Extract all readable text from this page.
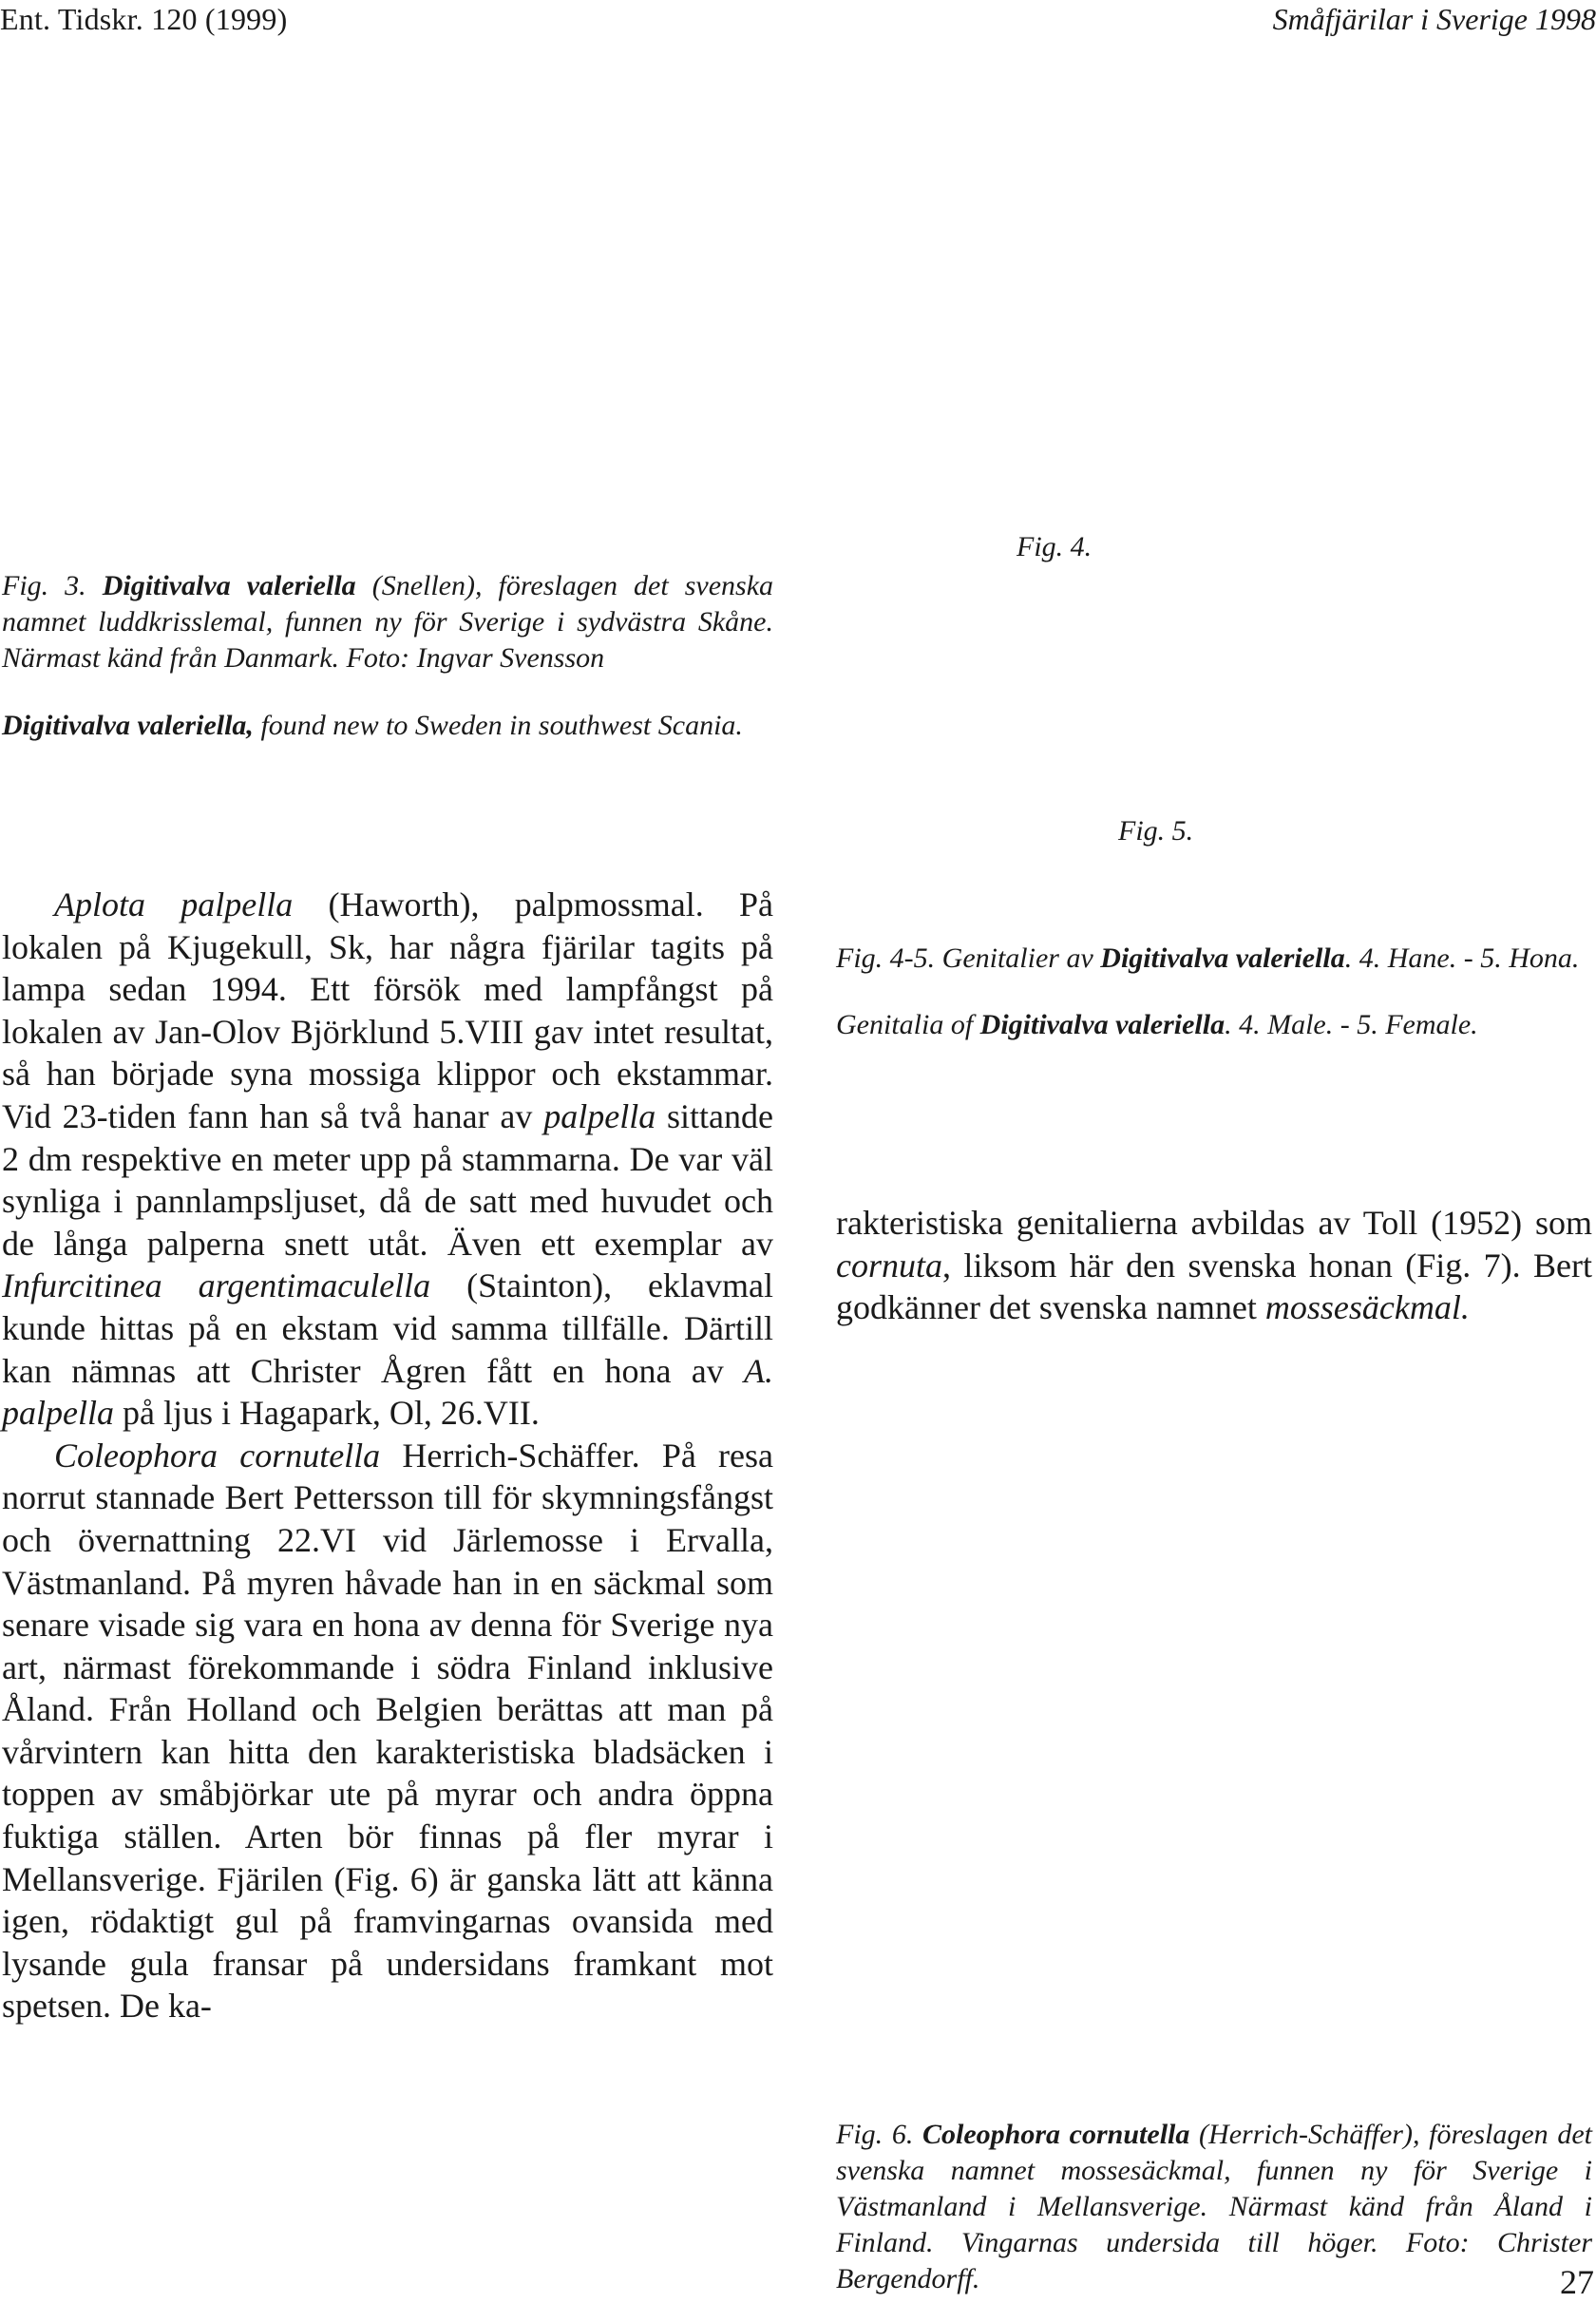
Ent. Tidskr. 120 (1999)	Småfjärilar i Sverige 1998
Fig. 3. Digitivalva valeriella (Snellen), föreslagen det svenska namnet luddkrisslemal, funnen ny för Sverige i sydvästra Skåne. Närmast känd från Danmark. Foto: Ingvar Svensson
Digitivalva valeriella, found new to Sweden in southwest Scania.
Fig. 4.
Fig. 5.
Fig. 4-5. Genitalier av Digitivalva valeriella. 4. Hane. - 5. Hona.
Genitalia of Digitivalva valeriella. 4. Male. - 5. Female.

Aplota palpella (Haworth), palpmossmal. På lokalen på Kjugekull, Sk, har några fjärilar tagits på lampa sedan 1994. Ett försök med lampfångst på lokalen av Jan-Olov Björklund 5.VIII gav intet resultat, så han började syna mossiga klippor och ekstammar. Vid 23-tiden fann han så två hanar av palpella sittande 2 dm respektive en meter upp på stammarna. De var väl synliga i pannlampsljuset, då de satt med huvudet och de långa palperna snett utåt. Även ett exemplar av Infurcitinea argentimaculella (Stainton), eklavmal kunde hittas på en ekstam vid samma tillfälle. Därtill kan nämnas att Christer Ågren fått en hona av A. palpella på ljus i Hagapark, Ol, 26.VII.

Coleophora cornutella Herrich-Schäffer. På resa norrut stannade Bert Pettersson till för skymningsfångst och övernattning 22.VI vid Järlemosse i Ervalla, Västmanland. På myren håvade han in en säckmal som senare visade sig vara en hona av denna för Sverige nya art, närmast förekommande i södra Finland inklusive Åland. Från Holland och Belgien berättas att man på vårvintern kan hitta den karakteristiska bladsäcken i toppen av småbjörkar ute på myrar och andra öppna fuktiga ställen. Arten bör finnas på fler myrar i Mellansverige. Fjärilen (Fig. 6) är ganska lätt att känna igen, rödaktigt gul på framvingarnas ovansida med lysande gula fransar på undersidans framkant mot spetsen. De ka-

rakteristiska genitalierna avbildas av Toll (1952) som cornuta, liksom här den svenska honan (Fig. 7). Bert godkänner det svenska namnet mossesäckmal.

Fig. 6. Coleophora cornutella (Herrich-Schäffer), föreslagen det svenska namnet mossesäckmal, funnen ny för Sverige i Västmanland i Mellansverige. Närmast känd från Åland i Finland. Vingarnas undersida till höger. Foto: Christer Bergendorff.	27
